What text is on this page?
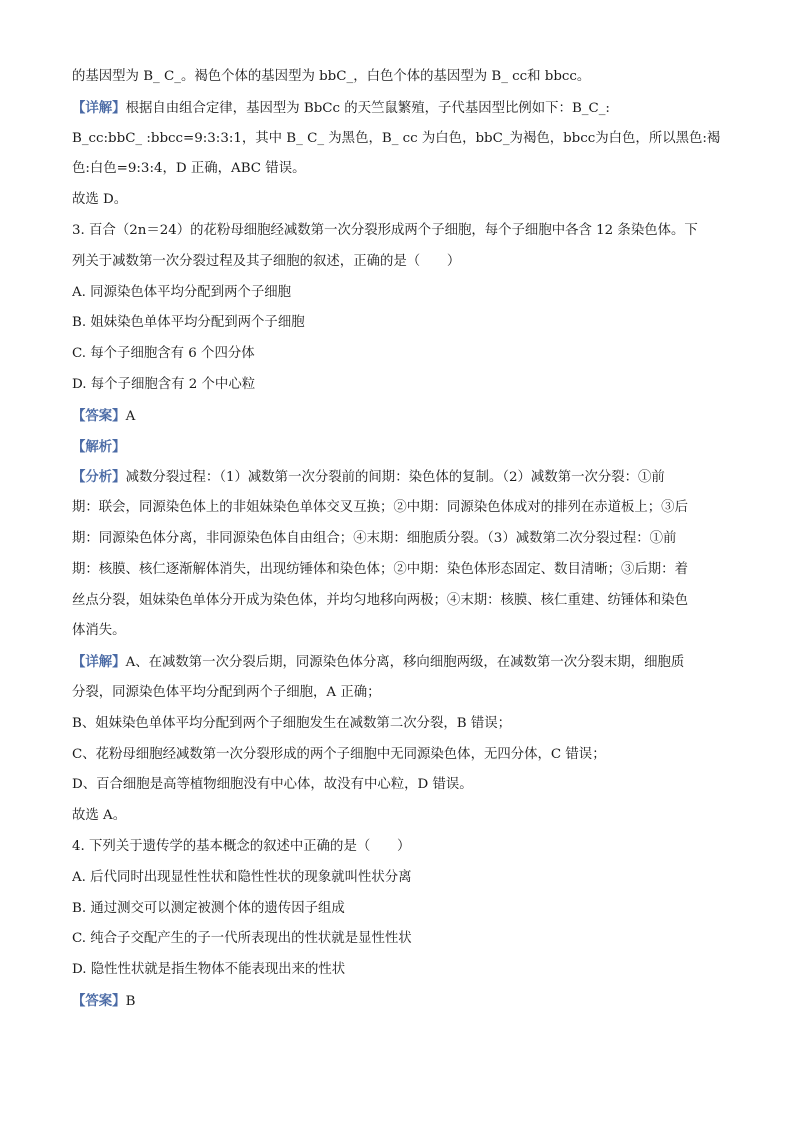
的基因型为 B_ C_。褐色个体的基因型为 bbC_，白色个体的基因型为 B_ cc和 bbcc。
【详解】根据自由组合定律，基因型为 BbCc 的天竺鼠繁殖，子代基因型比例如下：B_C_:
B_cc:bbC_ :bbcc=9:3:3:1，其中 B_ C_ 为黑色，B_ cc 为白色，bbC_为褐色，bbcc为白色，所以黑色:褐
色:白色=9:3:4，D 正确，ABC 错误。
故选 D。
3. 百合（2n＝24）的花粉母细胞经减数第一次分裂形成两个子细胞，每个子细胞中各含 12 条染色体。下
列关于减数第一次分裂过程及其子细胞的叙述，正确的是（　　）
A. 同源染色体平均分配到两个子细胞
B. 姐妹染色单体平均分配到两个子细胞
C. 每个子细胞含有 6 个四分体
D. 每个子细胞含有 2 个中心粒
【答案】A
【解析】
【分析】减数分裂过程：（1）减数第一次分裂前的间期：染色体的复制。（2）减数第一次分裂：①前
期：联会，同源染色体上的非姐妹染色单体交叉互换；②中期：同源染色体成对的排列在赤道板上；③后
期：同源染色体分离，非同源染色体自由组合；④末期：细胞质分裂。（3）减数第二次分裂过程：①前
期：核膜、核仁逐渐解体消失，出现纺锤体和染色体；②中期：染色体形态固定、数目清晰；③后期：着
丝点分裂，姐妹染色单体分开成为染色体，并均匀地移向两极；④末期：核膜、核仁重建、纺锤体和染色
体消失。
【详解】A、在减数第一次分裂后期，同源染色体分离，移向细胞两级，在减数第一次分裂末期，细胞质
分裂，同源染色体平均分配到两个子细胞，A 正确；
B、姐妹染色单体平均分配到两个子细胞发生在减数第二次分裂，B 错误；
C、花粉母细胞经减数第一次分裂形成的两个子细胞中无同源染色体，无四分体，C 错误；
D、百合细胞是高等植物细胞没有中心体，故没有中心粒，D 错误。
故选 A。
4. 下列关于遗传学的基本概念的叙述中正确的是（　　）
A. 后代同时出现显性性状和隐性性状的现象就叫性状分离
B. 通过测交可以测定被测个体的遗传因子组成
C. 纯合子交配产生的子一代所表现出的性状就是显性性状
D. 隐性性状就是指生物体不能表现出来的性状
【答案】B
